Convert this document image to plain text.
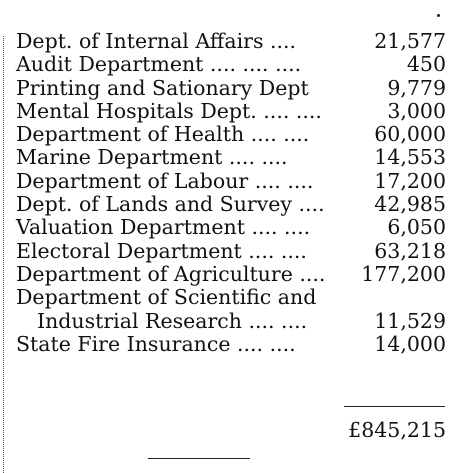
Dept. of Internal Affairs ....	21,577
Audit Department .... .... ....	450
Printing and Sationary Dept	9,779
Mental Hospitals Dept. .... ....	3,000
Department of Health .... ....	60,000
Marine Department .... ....	14,553
Department of Labour .... ....	17,200
Dept. of Lands and Survey .... 42,985
Valuation Department .... ....	6,050
Electoral Department .... ....	63,218
Department of Agriculture .... 177,200
Department of Scientific and
Industrial Research .... ....	11,529
State Fire Insurance .... ....	14,000
£845,215
